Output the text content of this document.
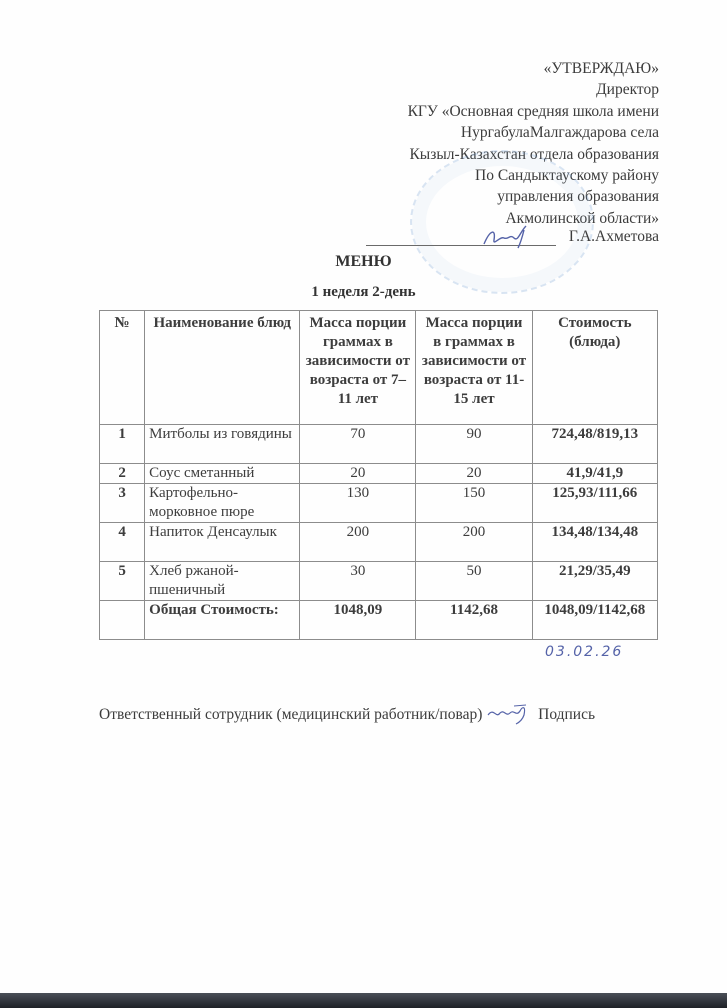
«УТВЕРЖДАЮ»
Директор
КГУ «Основная средняя школа имени
НургабулаМалгаждарова села
Кызыл-Казахстан отдела образования
По Сандыктаускому району
управления образования
Акмолинской области»
Г.А.Ахметова
МЕНЮ
1 неделя 2-день
№	Наименование блюд	Масса порции граммах в зависимости от возраста от 7–11 лет	Масса порции в граммах в зависимости от возраста от 11-15 лет	Стоимость (блюда)
1	Митболы из говядины	70	90	724,48/819,13
2	Соус сметанный	20	20	41,9/41,9
3	Картофельно-морковное пюре	130	150	125,93/111,66
4	Напиток Денсаулык	200	200	134,48/134,48
5	Хлеб ржаной-пшеничный	30	50	21,29/35,49
	Общая Стоимость:	1048,09	1142,68	1048,09/1142,68
03.02.26
Ответственный сотрудник (медицинский работник/повар)	Подпись
